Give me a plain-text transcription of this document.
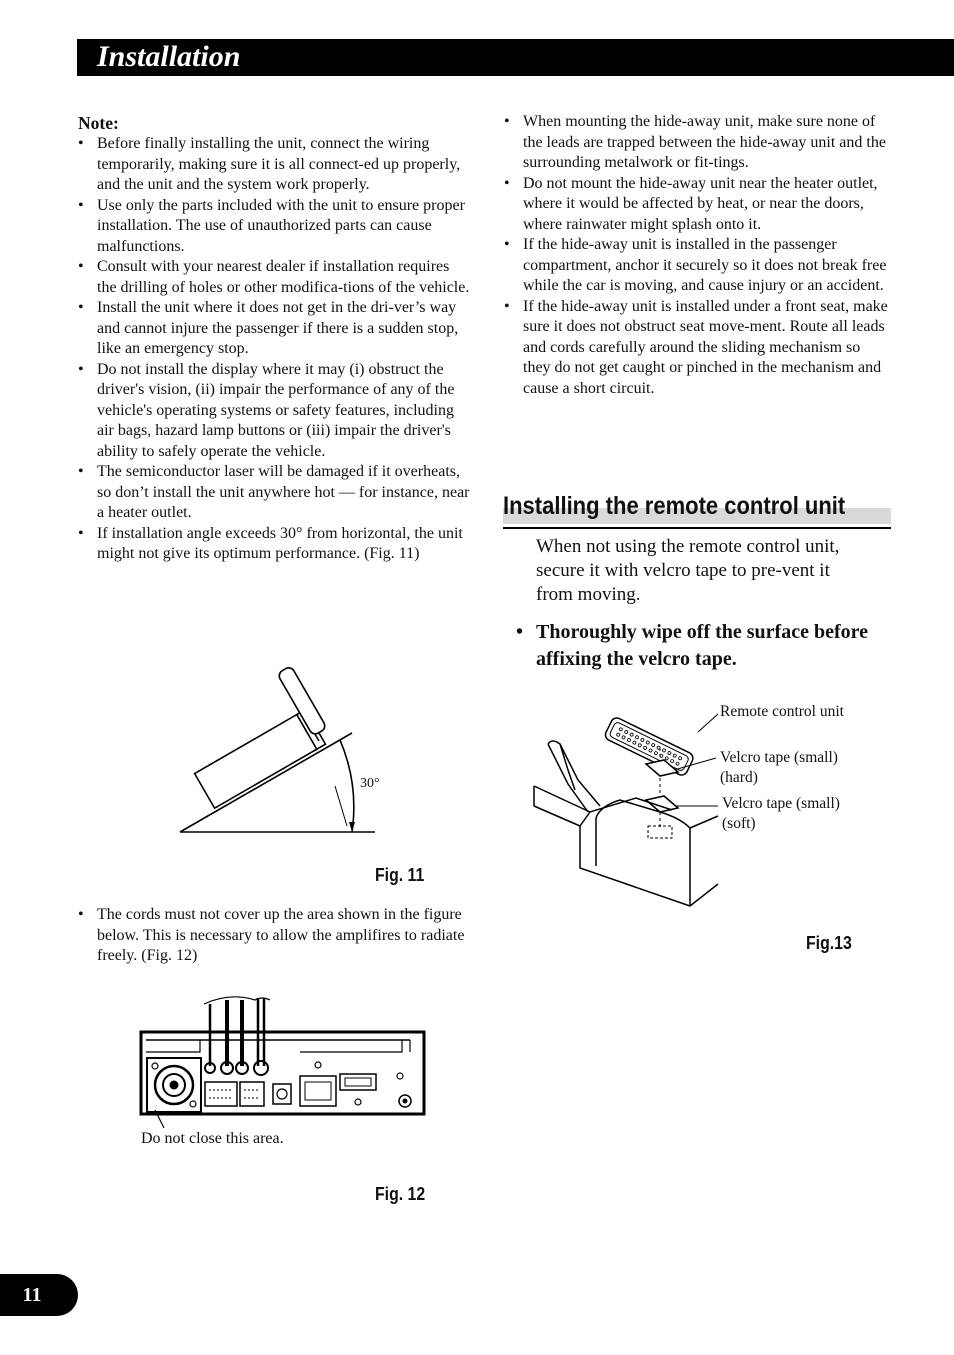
Installation
Note:
• Before finally installing the unit, connect the wiring temporarily, making sure it is all connect-ed up properly, and the unit and the system work properly.
• Use only the parts included with the unit to ensure proper installation. The use of unauthorized parts can cause malfunctions.
• Consult with your nearest dealer if installation requires the drilling of holes or other modifica-tions of the vehicle.
• Install the unit where it does not get in the dri-ver’s way and cannot injure the passenger if there is a sudden stop, like an emergency stop.
• Do not install the display where it may (i) obstruct the driver's vision, (ii) impair the performance of any of the vehicle's operating systems or safety features, including air bags, hazard lamp buttons or (iii) impair the driver's ability to safely operate the vehicle.
• The semiconductor laser will be damaged if it overheats, so don’t install the unit anywhere hot — for instance, near a heater outlet.
• If installation angle exceeds 30° from horizontal, the unit might not give its optimum performance. (Fig. 11)
30°
Fig. 11
• The cords must not cover up the area shown in the figure below. This is necessary to allow the amplifires to radiate freely. (Fig. 12)
Do not close this area.
Fig. 12
• When mounting the hide-away unit, make sure none of the leads are trapped between the hide-away unit and the surrounding metalwork or fit-tings.
• Do not mount the hide-away unit near the heater outlet, where it would be affected by heat, or near the doors, where rainwater might splash onto it.
• If the hide-away unit is installed in the passenger compartment, anchor it securely so it does not break free while the car is moving, and cause injury or an accident.
• If the hide-away unit is installed under a front seat, make sure it does not obstruct seat move-ment. Route all leads and cords carefully around the sliding mechanism so they do not get caught or pinched in the mechanism and cause a short circuit.
Installing the remote control unit
When not using the remote control unit, secure it with velcro tape to pre-vent it from moving.
• Thoroughly wipe off the surface before affixing the velcro tape.
Remote control unit
Velcro tape (small)
(hard)
Velcro tape (small)
(soft)
Fig.13
11
